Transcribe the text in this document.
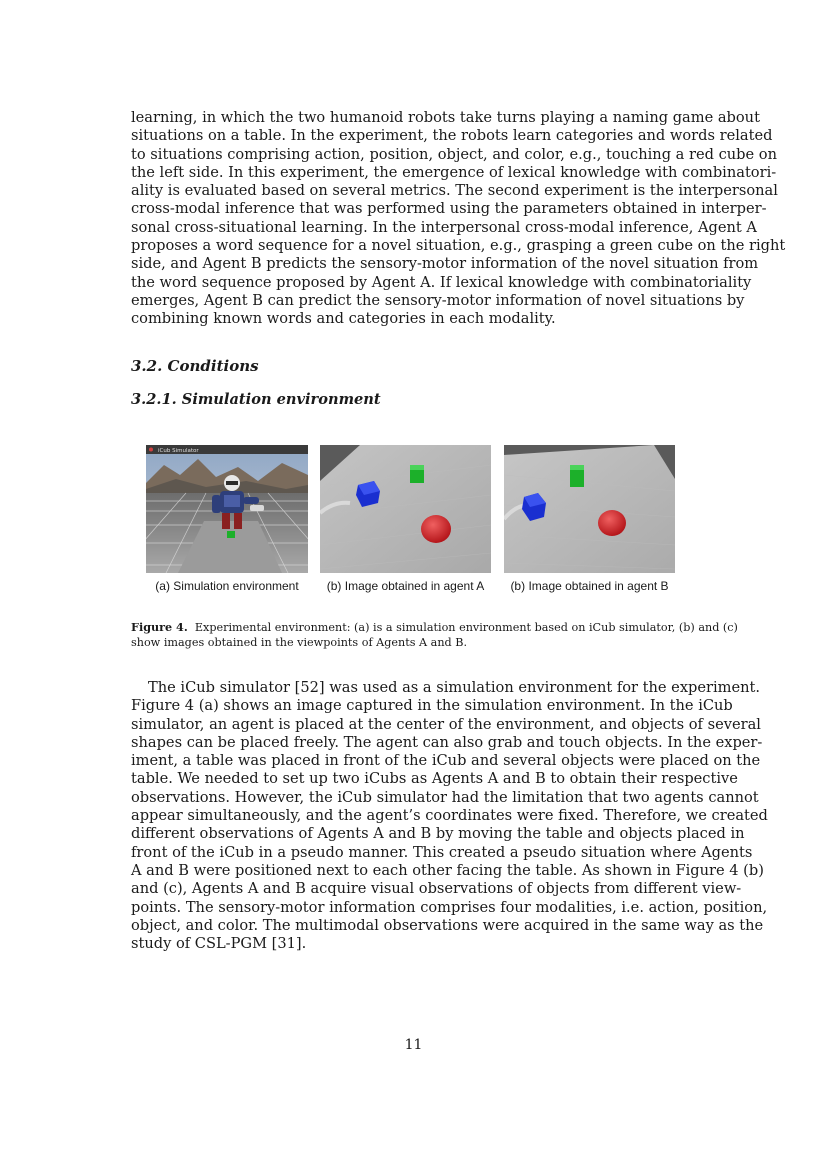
learning, in which the two humanoid robots take turns playing a naming game about
situations on a table. In the experiment, the robots learn categories and words related
to situations comprising action, position, object, and color, e.g., touching a red cube on
the left side. In this experiment, the emergence of lexical knowledge with combinatori-
ality is evaluated based on several metrics. The second experiment is the interpersonal
cross-modal inference that was performed using the parameters obtained in interper-
sonal cross-situational learning. In the interpersonal cross-modal inference, Agent A
proposes a word sequence for a novel situation, e.g., grasping a green cube on the right
side, and Agent B predicts the sensory-motor information of the novel situation from
the word sequence proposed by Agent A. If lexical knowledge with combinatoriality
emerges, Agent B can predict the sensory-motor information of novel situations by
combining known words and categories in each modality.
3.2. Conditions
3.2.1. Simulation environment
iCub Simulator
(a) Simulation environment	(b) Image obtained in agent A	(b) Image obtained in agent B
Figure 4. Experimental environment: (a) is a simulation environment based on iCub simulator, (b) and (c)
show images obtained in the viewpoints of Agents A and B.
The iCub simulator [52] was used as a simulation environment for the experiment.
Figure 4 (a) shows an image captured in the simulation environment. In the iCub
simulator, an agent is placed at the center of the environment, and objects of several
shapes can be placed freely. The agent can also grab and touch objects. In the exper-
iment, a table was placed in front of the iCub and several objects were placed on the
table. We needed to set up two iCubs as Agents A and B to obtain their respective
observations. However, the iCub simulator had the limitation that two agents cannot
appear simultaneously, and the agent’s coordinates were fixed. Therefore, we created
different observations of Agents A and B by moving the table and objects placed in
front of the iCub in a pseudo manner. This created a pseudo situation where Agents
A and B were positioned next to each other facing the table. As shown in Figure 4 (b)
and (c), Agents A and B acquire visual observations of objects from different view-
points. The sensory-motor information comprises four modalities, i.e. action, position,
object, and color. The multimodal observations were acquired in the same way as the
study of CSL-PGM [31].
11
